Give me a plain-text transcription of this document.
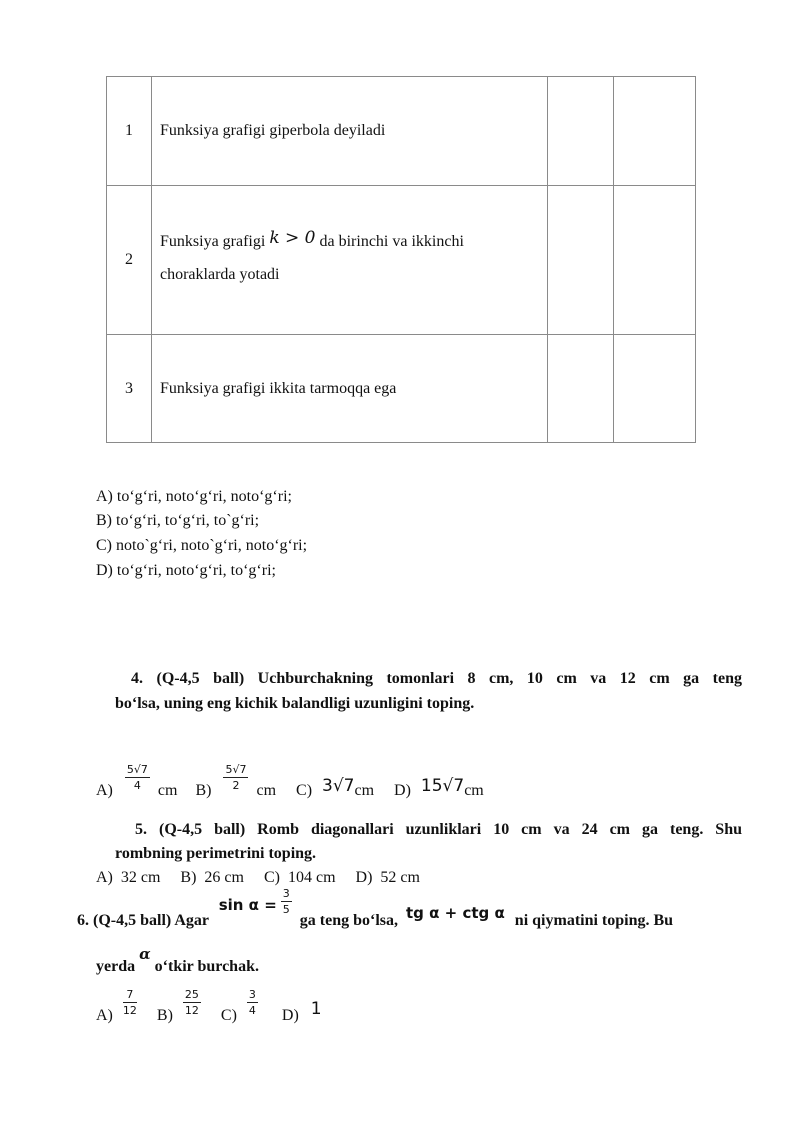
1	Funksiya grafigi giperbola deyiladi		
2	Funksiya grafigi k > 0 da birinchi va ikkinchi
choraklarda yotadi		

3	Funksiya grafigi ikkita tarmoqqa ega		
A) to‘g‘ri, noto‘g‘ri, noto‘g‘ri;
B) to‘g‘ri, to‘g‘ri, to`g‘ri;
C) noto`g‘ri, noto`g‘ri, noto‘g‘ri;
D) to‘g‘ri, noto‘g‘ri, to‘g‘ri;
4. (Q-4,5 ball) Uchburchakning tomonlari 8 cm, 10 cm va 12 cm ga teng
bo‘lsa, uning eng kichik balandligi uzunligini toping.
$A) \frac{5√7}{4}$ cm $B) \frac{5√7}{2}$ cm C) 3√7cm D) 15√7cm
5. (Q-4,5 ball) Romb diagonallari uzunliklari 10 cm va 24 cm ga teng. Shu
rombning perimetrini toping.
A)  32 cm     B)  26 cm     C)  104 cm     D)  52 cm
6. (Q-4,5 ball) Agar $\sin \alpha = \frac{3}{5}$
ga teng bo‘lsa, tg α + ctg α ni qiymatini toping. Bu
yerda α o‘tkir burchak.
$A) \frac{7}{12} B) \frac{25}{12} C) \frac{3}{4} D$) 1
